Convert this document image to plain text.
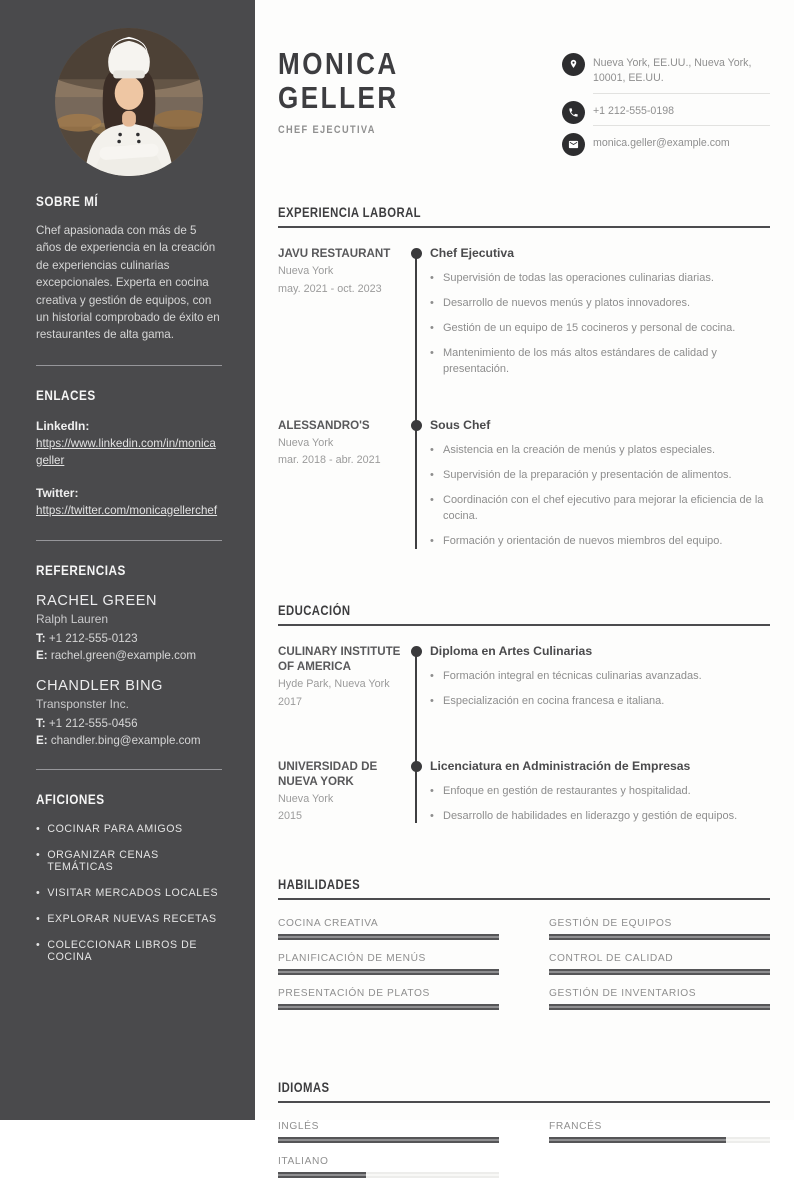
SOBRE MÍ

Chef apasionada con más de 5 años de experiencia en la creación de experiencias culinarias excepcionales. Experta en cocina creativa y gestión de equipos, con un historial comprobado de éxito en restaurantes de alta gama.

ENLACES
LinkedIn:
https://www.linkedin.com/in/monicageller
Twitter:
https://twitter.com/monicagellerchef
REFERENCIAS
RACHEL GREEN
Ralph Lauren
T: +1 212-555-0123
E: rachel.green@example.com
CHANDLER BING
Transponster Inc.
T: +1 212-555-0456
E: chandler.bing@example.com
AFICIONES
• COCINAR PARA AMIGOS
• ORGANIZAR CENAS TEMÁTICAS
• VISITAR MERCADOS LOCALES
• EXPLORAR NUEVAS RECETAS
• COLECCIONAR LIBROS DE COCINA
MONICA
GELLER
CHEF EJECUTIVA
Nueva York, EE.UU., Nueva York, 10001, EE.UU.
+1 212-555-0198
monica.geller@example.com
EXPERIENCIA LABORAL
JAVU RESTAURANT
Nueva York
may. 2021 - oct. 2023
Chef Ejecutiva
• Supervisión de todas las operaciones culinarias diarias.
• Desarrollo de nuevos menús y platos innovadores.
• Gestión de un equipo de 15 cocineros y personal de cocina.
• Mantenimiento de los más altos estándares de calidad y presentación.
ALESSANDRO'S
Nueva York
mar. 2018 - abr. 2021
Sous Chef
• Asistencia en la creación de menús y platos especiales.
• Supervisión de la preparación y presentación de alimentos.
• Coordinación con el chef ejecutivo para mejorar la eficiencia de la cocina.
• Formación y orientación de nuevos miembros del equipo.
EDUCACIÓN
CULINARY INSTITUTE OF AMERICA
Hyde Park, Nueva York
2017
Diploma en Artes Culinarias
• Formación integral en técnicas culinarias avanzadas.
• Especialización en cocina francesa e italiana.
UNIVERSIDAD DE NUEVA YORK
Nueva York
2015
Licenciatura en Administración de Empresas
• Enfoque en gestión de restaurantes y hospitalidad.
• Desarrollo de habilidades en liderazgo y gestión de equipos.
HABILIDADES
COCINA CREATIVA
PLANIFICACIÓN DE MENÚS
PRESENTACIÓN DE PLATOS
GESTIÓN DE EQUIPOS
CONTROL DE CALIDAD
GESTIÓN DE INVENTARIOS
IDIOMAS
INGLÉS	FRANCÉS
ITALIANO
